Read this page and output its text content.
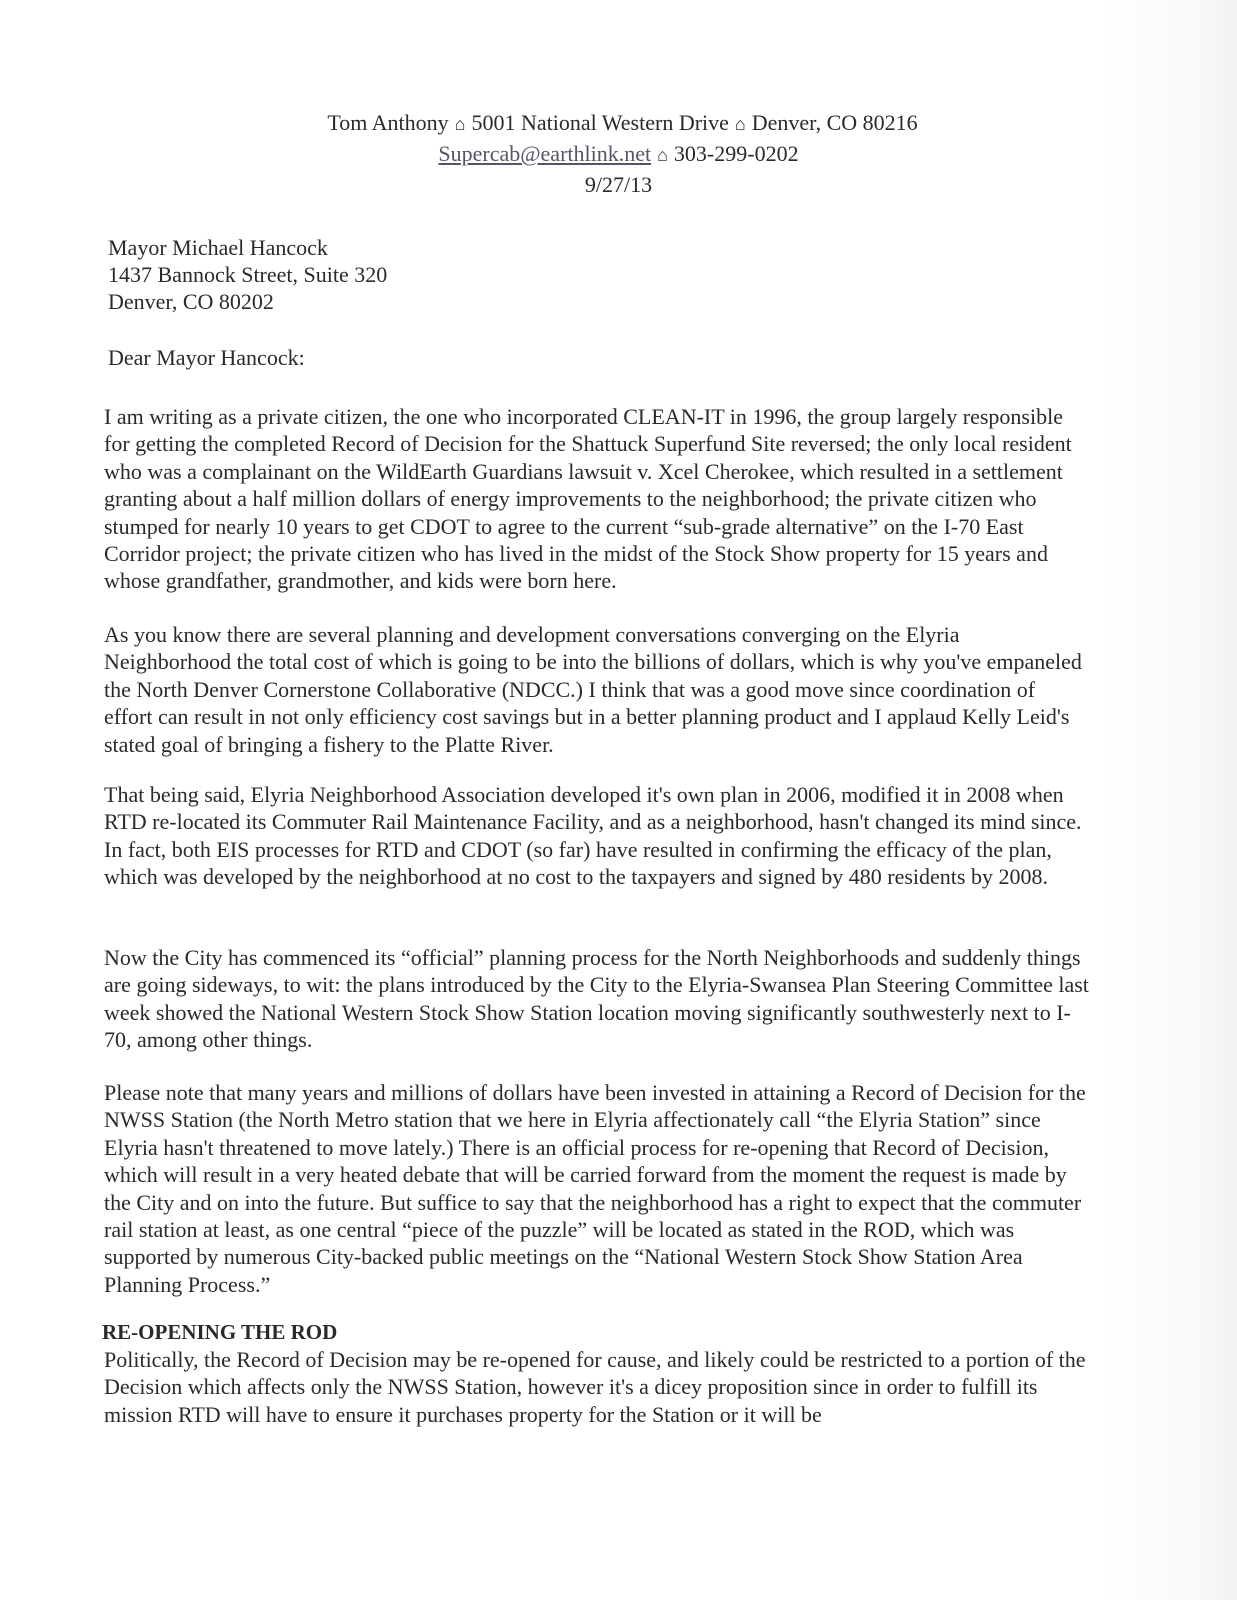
Tom Anthony ⌂ 5001 National Western Drive ⌂ Denver, CO 80216
Supercab@earthlink.net ⌂ 303-299-0202
9/27/13
Mayor Michael Hancock
1437 Bannock Street, Suite 320
Denver, CO 80202
Dear Mayor Hancock:

I am writing as a private citizen, the one who incorporated CLEAN-IT in 1996, the group largely responsible for getting the completed Record of Decision for the Shattuck Superfund Site reversed; the only local resident who was a complainant on the WildEarth Guardians lawsuit v. Xcel Cherokee, which resulted in a settlement granting about a half million dollars of energy improvements to the neighborhood; the private citizen who stumped for nearly 10 years to get CDOT to agree to the current “sub-grade alternative” on the I-70 East Corridor project; the private citizen who has lived in the midst of the Stock Show property for 15 years and whose grandfather, grandmother, and kids were born here.

As you know there are several planning and development conversations converging on the Elyria Neighborhood the total cost of which is going to be into the billions of dollars, which is why you've empaneled the North Denver Cornerstone Collaborative (NDCC.) I think that was a good move since coordination of effort can result in not only efficiency cost savings but in a better planning product and I applaud Kelly Leid's stated goal of bringing a fishery to the Platte River.

That being said, Elyria Neighborhood Association developed it's own plan in 2006, modified it in 2008 when RTD re-located its Commuter Rail Maintenance Facility, and as a neighborhood, hasn't changed its mind since. In fact, both EIS processes for RTD and CDOT (so far) have resulted in confirming the efficacy of the plan, which was developed by the neighborhood at no cost to the taxpayers and signed by 480 residents by 2008.

Now the City has commenced its “official” planning process for the North Neighborhoods and suddenly things are going sideways, to wit: the plans introduced by the City to the Elyria-Swansea Plan Steering Committee last week showed the National Western Stock Show Station location moving significantly southwesterly next to I-70, among other things.

Please note that many years and millions of dollars have been invested in attaining a Record of Decision for the NWSS Station (the North Metro station that we here in Elyria affectionately call “the Elyria Station” since Elyria hasn't threatened to move lately.) There is an official process for re-opening that Record of Decision, which will result in a very heated debate that will be carried forward from the moment the request is made by the City and on into the future. But suffice to say that the neighborhood has a right to expect that the commuter rail station at least, as one central “piece of the puzzle” will be located as stated in the ROD, which was supported by numerous City-backed public meetings on the “National Western Stock Show Station Area Planning Process.”

RE-OPENING THE ROD

Politically, the Record of Decision may be re-opened for cause, and likely could be restricted to a portion of the Decision which affects only the NWSS Station, however it's a dicey proposition since in order to fulfill its mission RTD will have to ensure it purchases property for the Station or it will be
